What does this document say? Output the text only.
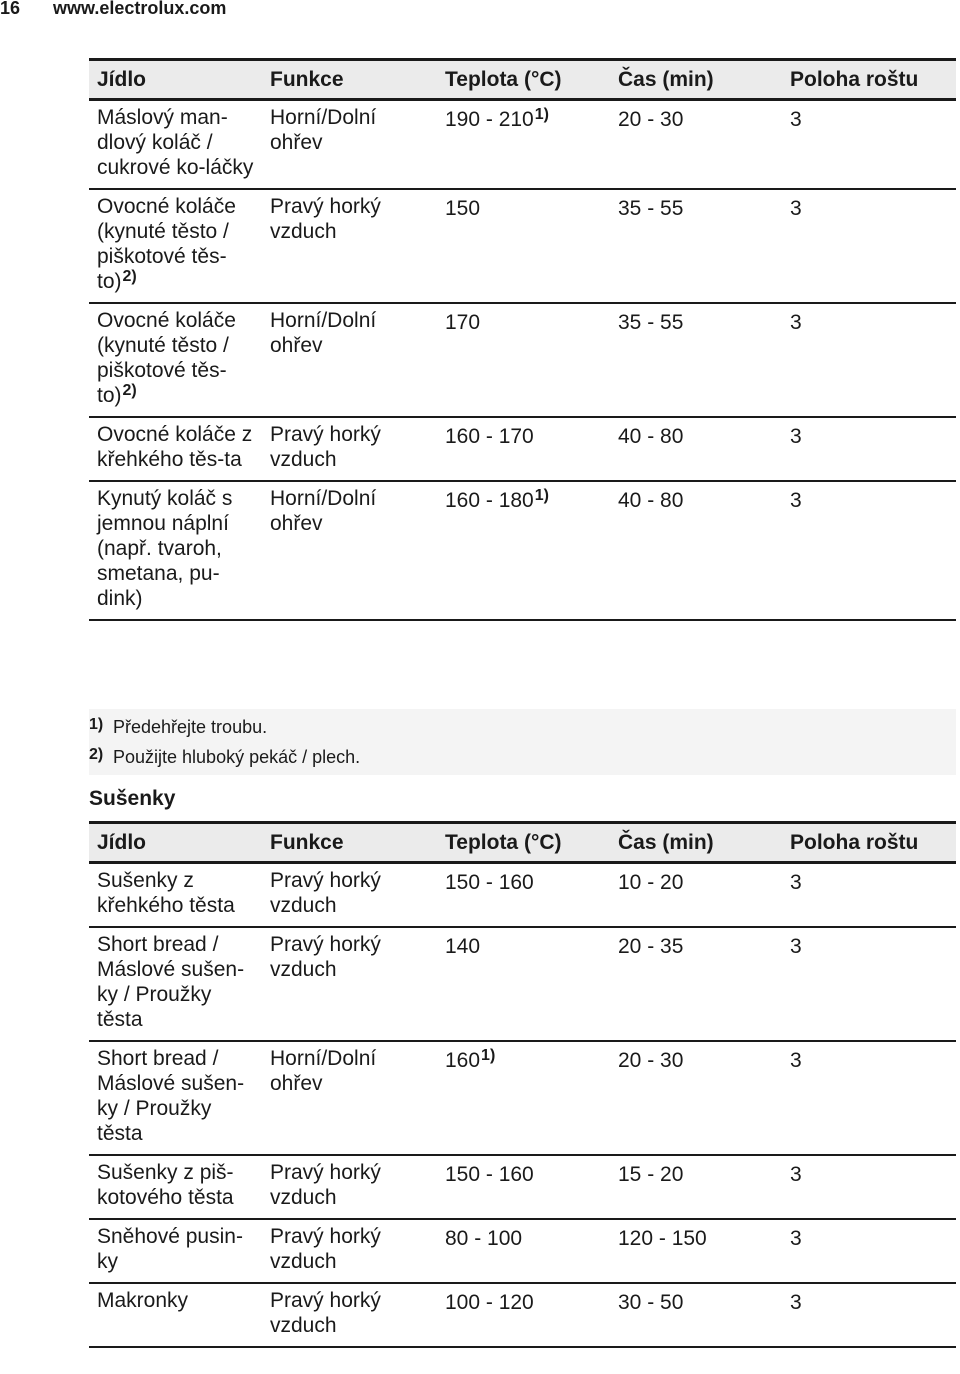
16 www.electrolux.com
Jídlo	Funkce	Teplota (°C)	Čas (min)	Poloha roštu
Máslový man-dlový koláč / cukrové ko-láčky	Horní/Dolní ohřev	190 - 210$^{1)}$	20 - 30	3
Ovocné koláče (kynuté těsto / piškotové těs-to)$^{2)}$	Pravý horký vzduch	150	35 - 55	3
Ovocné koláče (kynuté těsto / piškotové těs-to)$^{2)}$	Horní/Dolní ohřev	170	35 - 55	3
Ovocné koláče z křehkého těs-ta	Pravý horký vzduch	160 - 170	40 - 80	3
Kynutý koláč s jemnou náplní (např. tvaroh, smetana, pu-dink)	Horní/Dolní ohřev	160 - 180$^{1)}$	40 - 80	3
1) Předehřejte troubu.
2) Použijte hluboký pekáč / plech.
Sušenky
Jídlo	Funkce	Teplota (°C)	Čas (min)	Poloha roštu
Sušenky z křehkého těsta	Pravý horký vzduch	150 - 160	10 - 20	3
Short bread / Máslové sušen-ky / Proužky těsta	Pravý horký vzduch	140	20 - 35	3
Short bread / Máslové sušen-ky / Proužky těsta	Horní/Dolní ohřev	160$^{1)}$	20 - 30	3
Sušenky z piš-kotového těsta	Pravý horký vzduch	150 - 160	15 - 20	3
Sněhové pusin-ky	Pravý horký vzduch	80 - 100	120 - 150	3
Makronky	Pravý horký vzduch	100 - 120	30 - 50	3
